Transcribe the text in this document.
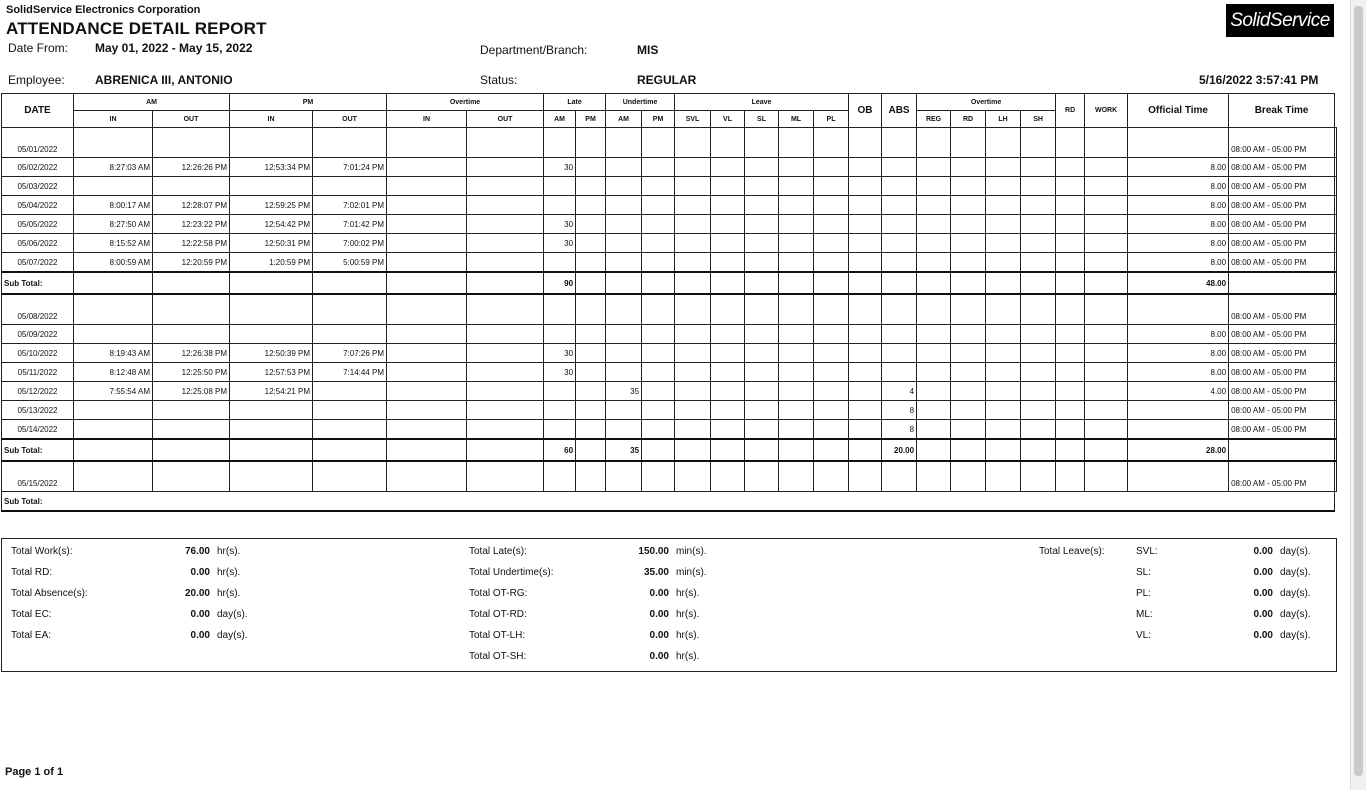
SolidService Electronics Corporation
ATTENDANCE DETAIL REPORT	SolidService
Date From: May 01, 2022 - May 15, 2022	Department/Branch:	MIS
Employee:	ABRENICA III, ANTONIO	Status:	REGULAR	5/16/2022 3:57:41 PM
DATE	AM		PM		Overtime		Late		Undertime		Leave					OB	ABS	Overtime				RD	WORK	Official Time	Break Time	
	IN	OUT	IN	OUT	IN	OUT	AM	PM	AM	PM	SVL	VL	SL	ML	PL			REG	RD	LH	SH					
05/01/2022																									08:00 AM - 05:00 PM	
05/02/2022	8:27:03 AM	12:26:26 PM	12:53:34 PM	7:01:24 PM			30																	8.00	08:00 AM - 05:00 PM	
05/03/2022																								8.00	08:00 AM - 05:00 PM	
05/04/2022	8:00:17 AM	12:28:07 PM	12:59:25 PM	7:02:01 PM																				8.00	08:00 AM - 05:00 PM	
05/05/2022	8:27:50 AM	12:23:22 PM	12:54:42 PM	7:01:42 PM			30																	8.00	08:00 AM - 05:00 PM	
05/06/2022	8:15:52 AM	12:22:58 PM	12:50:31 PM	7:00:02 PM			30																	8.00	08:00 AM - 05:00 PM	
05/07/2022	8:00:59 AM	12:20:59 PM	1:20:59 PM	5:00:59 PM																				8.00	08:00 AM - 05:00 PM	
Sub Total:							90																	48.00		
05/08/2022																									08:00 AM - 05:00 PM	
05/09/2022																								8.00	08:00 AM - 05:00 PM	
05/10/2022	8:19:43 AM	12:26:38 PM	12:50:39 PM	7:07:26 PM			30																	8.00	08:00 AM - 05:00 PM	
05/11/2022	8:12:48 AM	12:25:50 PM	12:57:53 PM	7:14:44 PM			30																	8.00	08:00 AM - 05:00 PM	
05/12/2022	7:55:54 AM	12:25:08 PM	12:54:21 PM						35								4							4.00	08:00 AM - 05:00 PM	
05/13/2022																	8								08:00 AM - 05:00 PM	
05/14/2022																	8								08:00 AM - 05:00 PM	
Sub Total:							60		35								20.00							28.00		
05/15/2022																									08:00 AM - 05:00 PM	
Sub Total:																										
Total Leave(s):
Total Work(s):	76.00 hr(s).
Total RD:	0.00 hr(s).
Total Absence(s):	20.00 hr(s).
Total EC:	0.00 day(s).
Total EA:	0.00 day(s).
Total Late(s):	150.00 min(s).
Total Undertime(s):	35.00 min(s).
Total OT-RG:	0.00 hr(s).
Total OT-RD:	0.00 hr(s).
Total OT-LH:	0.00 hr(s).
Total OT-SH:	0.00 hr(s).
SVL:	0.00 day(s).
SL:	0.00 day(s).
PL:	0.00 day(s).
ML:	0.00 day(s).
VL:	0.00 day(s).
Page 1 of 1
